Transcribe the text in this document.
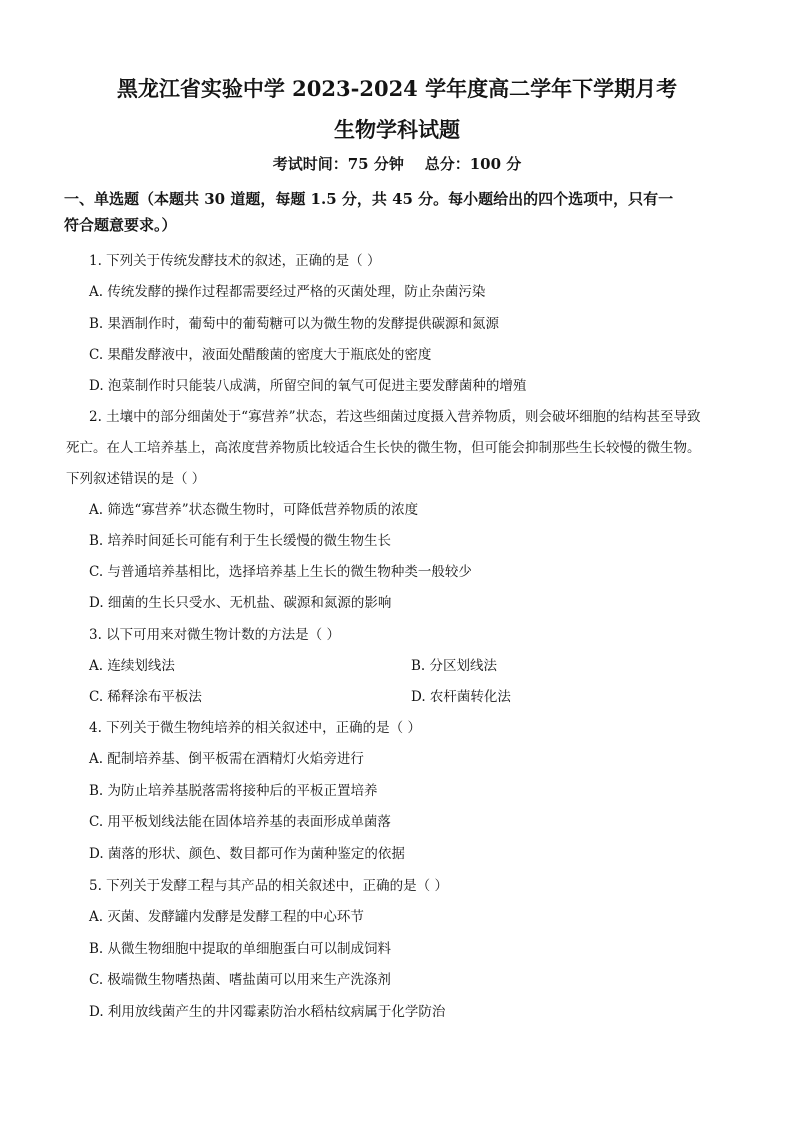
黑龙江省实验中学 2023-2024 学年度高二学年下学期月考
生物学科试题
考试时间：75 分钟    总分：100 分
一、单选题（本题共 30 道题，每题 1.5 分，共 45 分。每小题给出的四个选项中，只有一
符合题意要求。）
1. 下列关于传统发酵技术的叙述，正确的是（ ）
A. 传统发酵的操作过程都需要经过严格的灭菌处理，防止杂菌污染
B. 果酒制作时，葡萄中的葡萄糖可以为微生物的发酵提供碳源和氮源
C. 果醋发酵液中，液面处醋酸菌的密度大于瓶底处的密度
D. 泡菜制作时只能装八成满，所留空间的氧气可促进主要发酵菌种的增殖
2. 土壤中的部分细菌处于“寡营养”状态，若这些细菌过度摄入营养物质，则会破坏细胞的结构甚至导致
死亡。在人工培养基上，高浓度营养物质比较适合生长快的微生物，但可能会抑制那些生长较慢的微生物。
下列叙述错误的是（ ）
A. 筛选“寡营养”状态微生物时，可降低营养物质的浓度
B. 培养时间延长可能有利于生长缓慢的微生物生长
C. 与普通培养基相比，选择培养基上生长的微生物种类一般较少
D. 细菌的生长只受水、无机盐、碳源和氮源的影响
3. 以下可用来对微生物计数的方法是（ ）
A. 连续划线法	B. 分区划线法
C. 稀释涂布平板法	D. 农杆菌转化法
4. 下列关于微生物纯培养的相关叙述中，正确的是（ ）
A. 配制培养基、倒平板需在酒精灯火焰旁进行
B. 为防止培养基脱落需将接种后的平板正置培养
C. 用平板划线法能在固体培养基的表面形成单菌落
D. 菌落的形状、颜色、数目都可作为菌种鉴定的依据
5. 下列关于发酵工程与其产品的相关叙述中，正确的是（ ）
A. 灭菌、发酵罐内发酵是发酵工程的中心环节
B. 从微生物细胞中提取的单细胞蛋白可以制成饲料
C. 极端微生物嗜热菌、嗜盐菌可以用来生产洗涤剂
D. 利用放线菌产生的井冈霉素防治水稻枯纹病属于化学防治
